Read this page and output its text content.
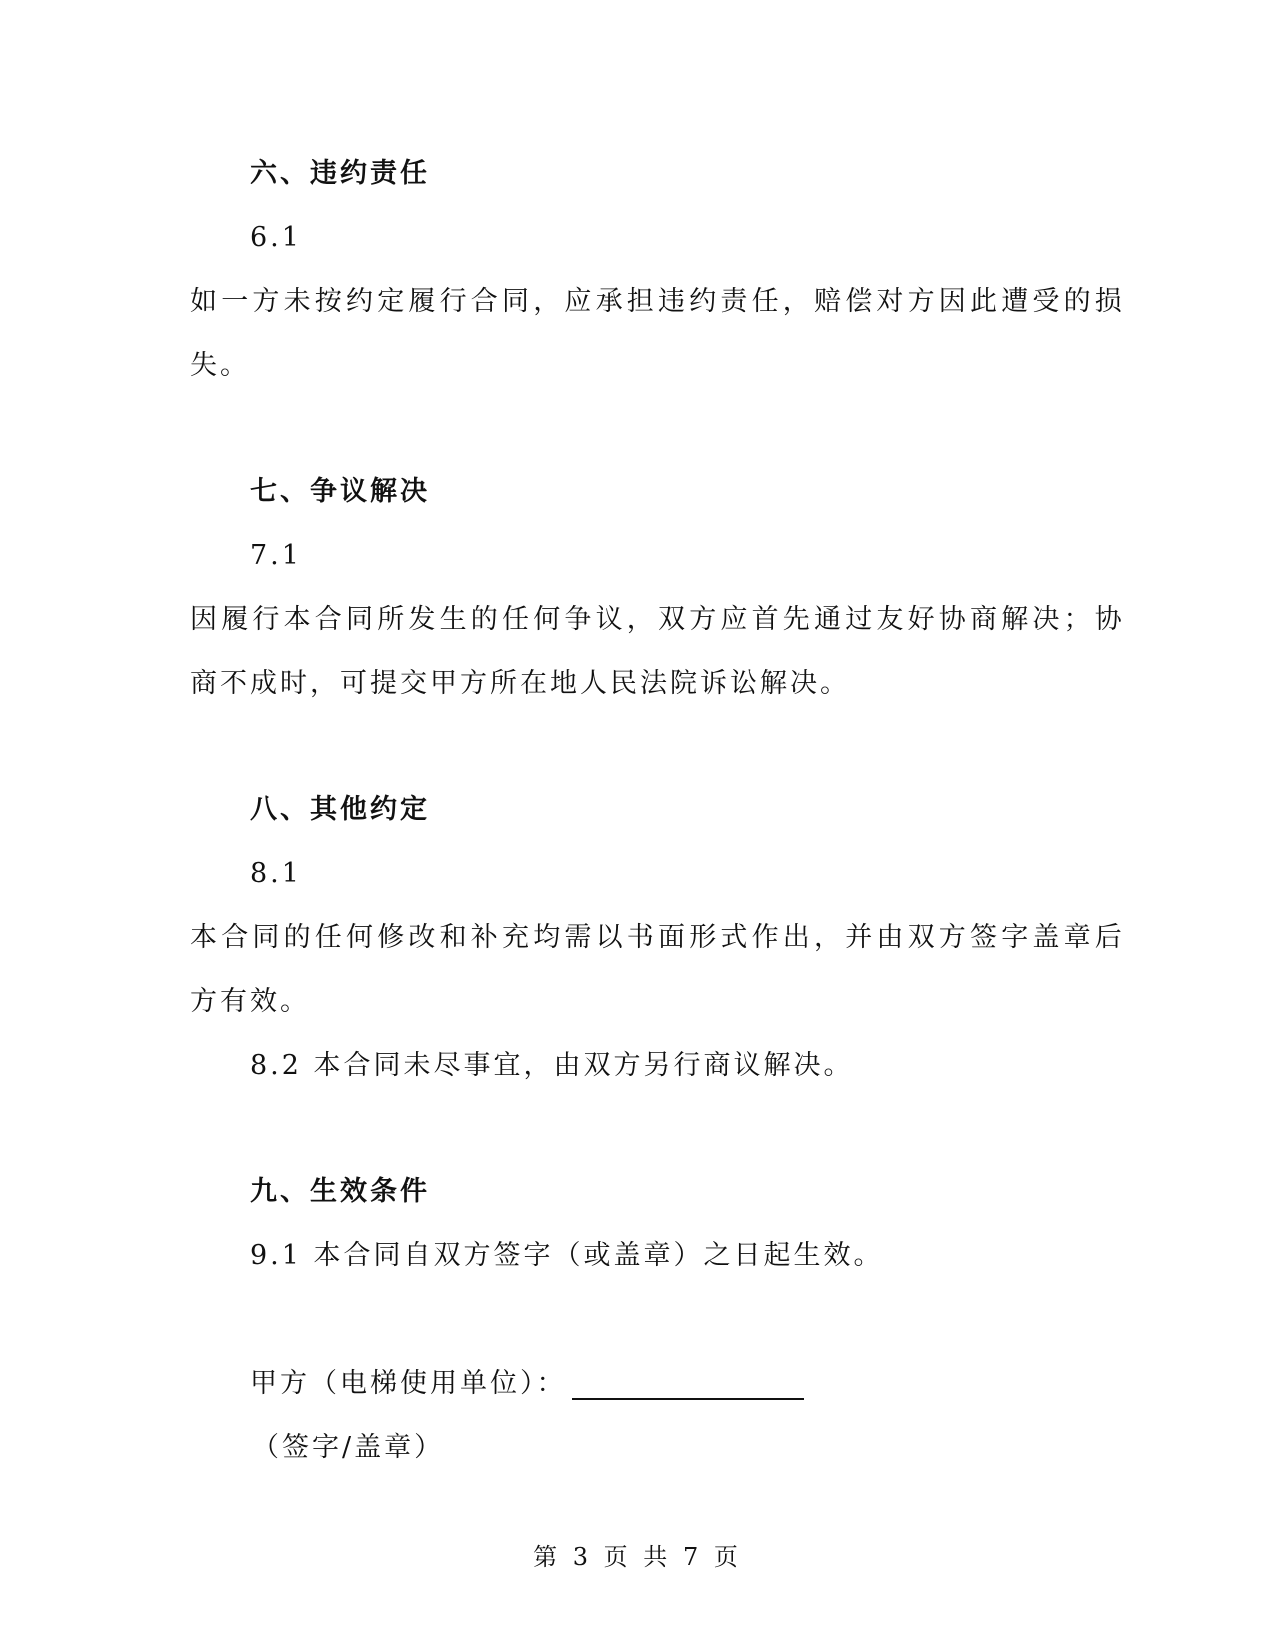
六、违约责任
6.1
如一方未按约定履行合同，应承担违约责任，赔偿对方因此遭受的损
失。
七、争议解决
7.1
因履行本合同所发生的任何争议，双方应首先通过友好协商解决；协
商不成时，可提交甲方所在地人民法院诉讼解决。
八、其他约定
8.1
本合同的任何修改和补充均需以书面形式作出，并由双方签字盖章后
方有效。
8.2 本合同未尽事宜，由双方另行商议解决。
九、生效条件
9.1 本合同自双方签字（或盖章）之日起生效。
甲方（电梯使用单位）：
（签字/盖章）
第 3 页 共 7 页
